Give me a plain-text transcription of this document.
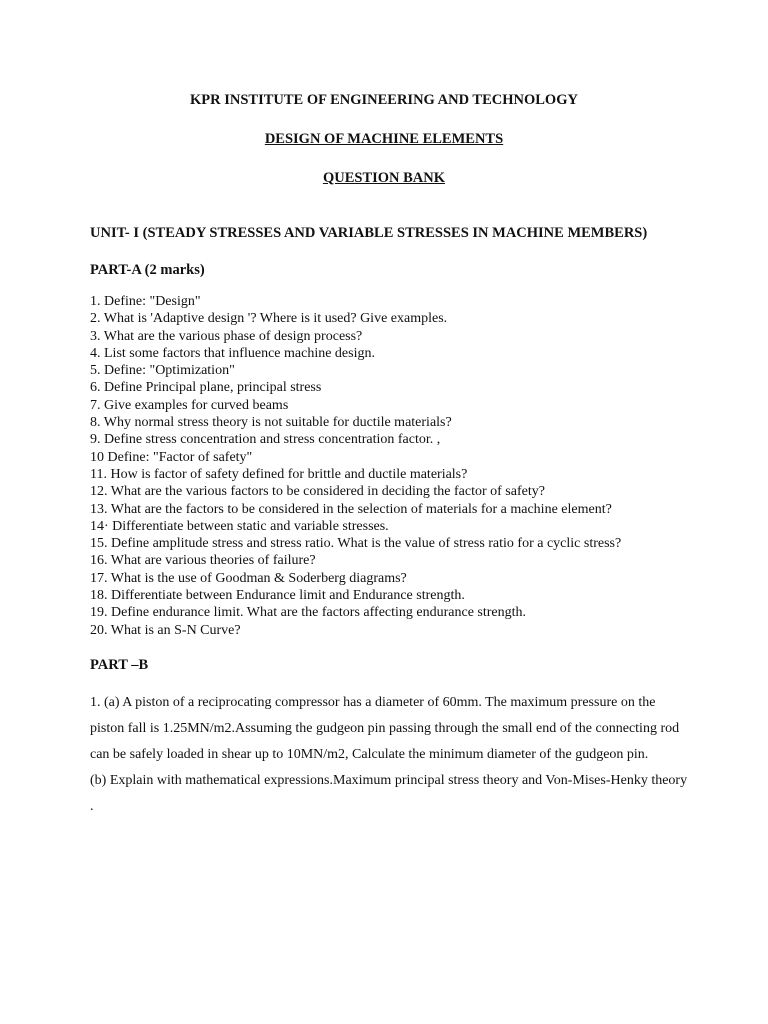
KPR INSTITUTE OF ENGINEERING AND TECHNOLOGY
DESIGN OF MACHINE ELEMENTS
QUESTION BANK
UNIT- I (STEADY STRESSES AND VARIABLE STRESSES IN MACHINE MEMBERS)
PART-A (2 marks)
1. Define: "Design"
2. What is 'Adaptive design '? Where is it used? Give examples.
3. What are the various phase of design process?
4. List some factors that influence machine design.
5. Define: "Optimization"
6. Define Principal plane, principal stress
7. Give examples for curved beams
8. Why normal stress theory is not suitable for ductile materials?
9. Define stress concentration and stress concentration factor. ,
10 Define: "Factor of safety"
11. How is factor of safety defined for brittle and ductile materials?
12. What are the various factors to be considered in deciding the factor of safety?
13. What are the factors to be considered in the selection of materials for a machine element?
14· Differentiate between static and variable stresses.
15. Define amplitude stress and stress ratio. What is the value of stress ratio for a cyclic stress?
16. What are various theories of failure?
17. What is the use of Goodman & Soderberg diagrams?
18. Differentiate between Endurance limit and Endurance strength.
19. Define endurance limit. What are the factors affecting endurance strength.
20. What is an S-N Curve?
PART –B
1. (a) A piston of a reciprocating compressor has a diameter of 60mm. The maximum pressure on the piston fall is 1.25MN/m2.Assuming the gudgeon pin passing through the small end of the connecting rod can be safely loaded in shear up to 10MN/m2, Calculate the minimum diameter of the gudgeon pin.
(b) Explain with mathematical expressions.Maximum principal stress theory and Von-Mises-Henky theory .
